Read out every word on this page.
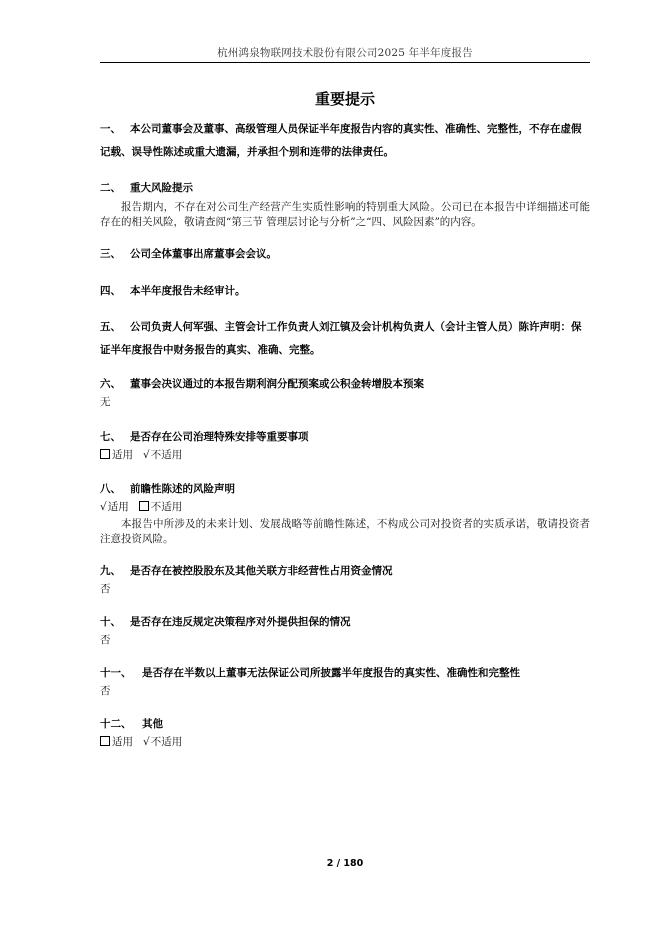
杭州鸿泉物联网技术股份有限公司2025 年半年度报告
重要提示
一、 本公司董事会及董事、高级管理人员保证半年度报告内容的真实性、准确性、完整性，不存在虚假记载、误导性陈述或重大遗漏，并承担个别和连带的法律责任。
二、 重大风险提示
报告期内，不存在对公司生产经营产生实质性影响的特别重大风险。公司已在本报告中详细描述可能存在的相关风险，敬请查阅“第三节 管理层讨论与分析”之“四、风险因素”的内容。
三、 公司全体董事出席董事会会议。
四、 本半年度报告未经审计。
五、 公司负责人何军强、主管会计工作负责人刘江镇及会计机构负责人（会计主管人员）陈许声明：保证半年度报告中财务报告的真实、准确、完整。
六、 董事会决议通过的本报告期利润分配预案或公积金转增股本预案
无
七、 是否存在公司治理特殊安排等重要事项
适用 √不适用
八、 前瞻性陈述的风险声明
√适用 不适用
本报告中所涉及的未来计划、发展战略等前瞻性陈述，不构成公司对投资者的实质承诺，敬请投资者注意投资风险。
九、 是否存在被控股股东及其他关联方非经营性占用资金情况
否
十、 是否存在违反规定决策程序对外提供担保的情况
否
十一、 是否存在半数以上董事无法保证公司所披露半年度报告的真实性、准确性和完整性
否
十二、 其他
适用 √不适用
2 / 180
